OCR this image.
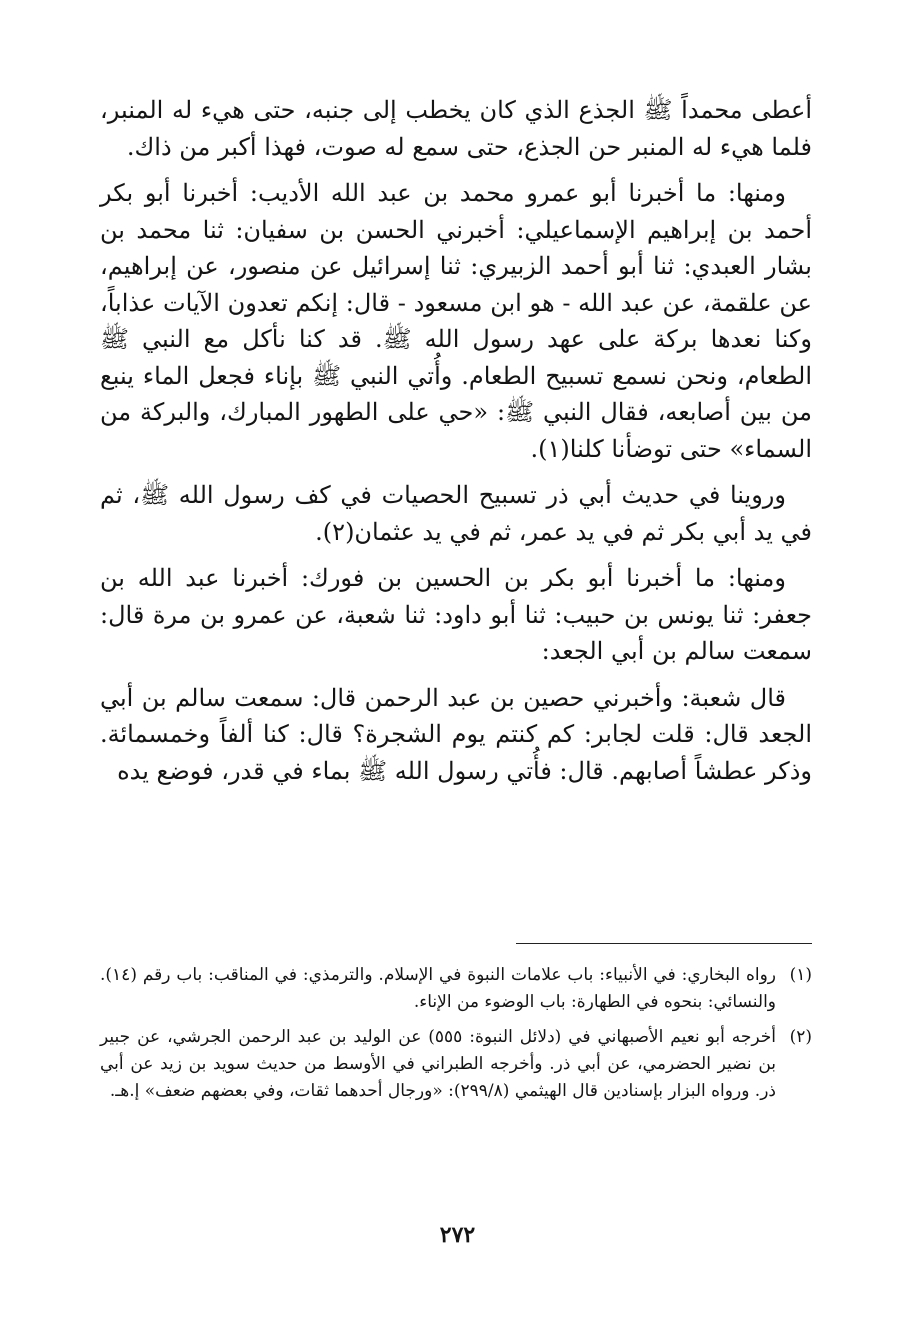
أعطى محمداً ﷺ الجذع الذي كان يخطب إلى جنبه، حتى هيء له المنبر، فلما هيء له المنبر حن الجذع، حتى سمع له صوت، فهذا أكبر من ذاك.

ومنها: ما أخبرنا أبو عمرو محمد بن عبد الله الأديب: أخبرنا أبو بكر أحمد بن إبراهيم الإسماعيلي: أخبرني الحسن بن سفيان: ثنا محمد بن بشار العبدي: ثنا أبو أحمد الزبيري: ثنا إسرائيل عن منصور، عن إبراهيم، عن علقمة، عن عبد الله - هو ابن مسعود - قال: إنكم تعدون الآيات عذاباً، وكنا نعدها بركة على عهد رسول الله ﷺ. قد كنا نأكل مع النبي ﷺ الطعام، ونحن نسمع تسبيح الطعام. وأُتي النبي ﷺ بإناء فجعل الماء ينبع من بين أصابعه، فقال النبي ﷺ: «حي على الطهور المبارك، والبركة من السماء» حتى توضأنا كلنا(١).

وروينا في حديث أبي ذر تسبيح الحصيات في كف رسول الله ﷺ، ثم في يد أبي بكر ثم في يد عمر، ثم في يد عثمان(٢).

ومنها: ما أخبرنا أبو بكر بن الحسين بن فورك: أخبرنا عبد الله بن جعفر: ثنا يونس بن حبيب: ثنا أبو داود: ثنا شعبة، عن عمرو بن مرة قال: سمعت سالم بن أبي الجعد:

قال شعبة: وأخبرني حصين بن عبد الرحمن قال: سمعت سالم بن أبي الجعد قال: قلت لجابر: كم كنتم يوم الشجرة؟ قال: كنا ألفاً وخمسمائة. وذكر عطشاً أصابهم. قال: فأُتي رسول الله ﷺ بماء في قدر، فوضع يده

(١)
رواه البخاري: في الأنبياء: باب علامات النبوة في الإسلام. والترمذي: في المناقب: باب رقم (١٤). والنسائي: بنحوه في الطهارة: باب الوضوء من الإناء.
(٢)
أخرجه أبو نعيم الأصبهاني في (دلائل النبوة: ٥٥٥) عن الوليد بن عبد الرحمن الجرشي، عن جبير بن نضير الحضرمي، عن أبي ذر. وأخرجه الطبراني في الأوسط من حديث سويد بن زيد عن أبي ذر. ورواه البزار بإسنادين قال الهيثمي (٢٩٩/٨): «ورجال أحدهما ثقات، وفي بعضهم ضعف» إ.هـ.
٢٧٢
